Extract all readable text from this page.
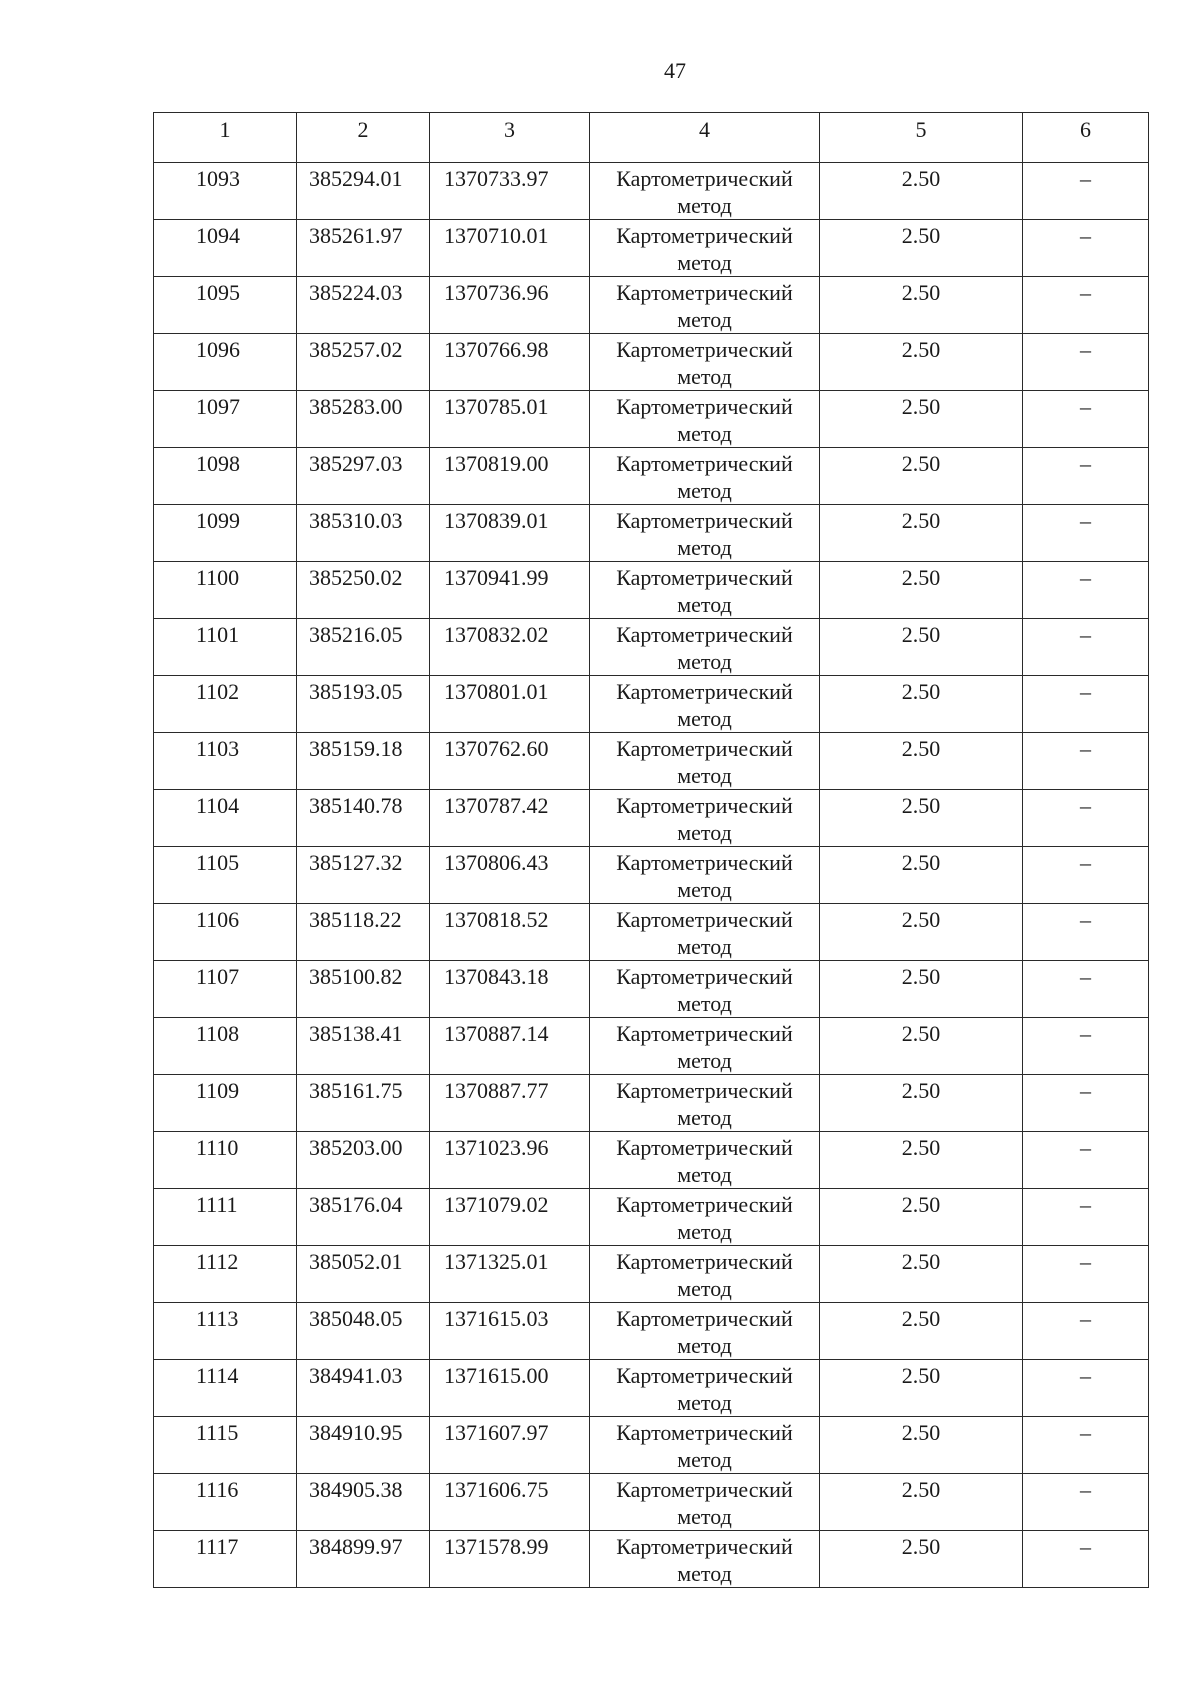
47
1	2	3	4	5	6
1093	385294.01	1370733.97	Картометрический метод	2.50	–
1094	385261.97	1370710.01	Картометрический метод	2.50	–
1095	385224.03	1370736.96	Картометрический метод	2.50	–
1096	385257.02	1370766.98	Картометрический метод	2.50	–
1097	385283.00	1370785.01	Картометрический метод	2.50	–
1098	385297.03	1370819.00	Картометрический метод	2.50	–
1099	385310.03	1370839.01	Картометрический метод	2.50	–
1100	385250.02	1370941.99	Картометрический метод	2.50	–
1101	385216.05	1370832.02	Картометрический метод	2.50	–
1102	385193.05	1370801.01	Картометрический метод	2.50	–
1103	385159.18	1370762.60	Картометрический метод	2.50	–
1104	385140.78	1370787.42	Картометрический метод	2.50	–
1105	385127.32	1370806.43	Картометрический метод	2.50	–
1106	385118.22	1370818.52	Картометрический метод	2.50	–
1107	385100.82	1370843.18	Картометрический метод	2.50	–
1108	385138.41	1370887.14	Картометрический метод	2.50	–
1109	385161.75	1370887.77	Картометрический метод	2.50	–
1110	385203.00	1371023.96	Картометрический метод	2.50	–
1111	385176.04	1371079.02	Картометрический метод	2.50	–
1112	385052.01	1371325.01	Картометрический метод	2.50	–
1113	385048.05	1371615.03	Картометрический метод	2.50	–
1114	384941.03	1371615.00	Картометрический метод	2.50	–
1115	384910.95	1371607.97	Картометрический метод	2.50	–
1116	384905.38	1371606.75	Картометрический метод	2.50	–
1117	384899.97	1371578.99	Картометрический метод	2.50	–
